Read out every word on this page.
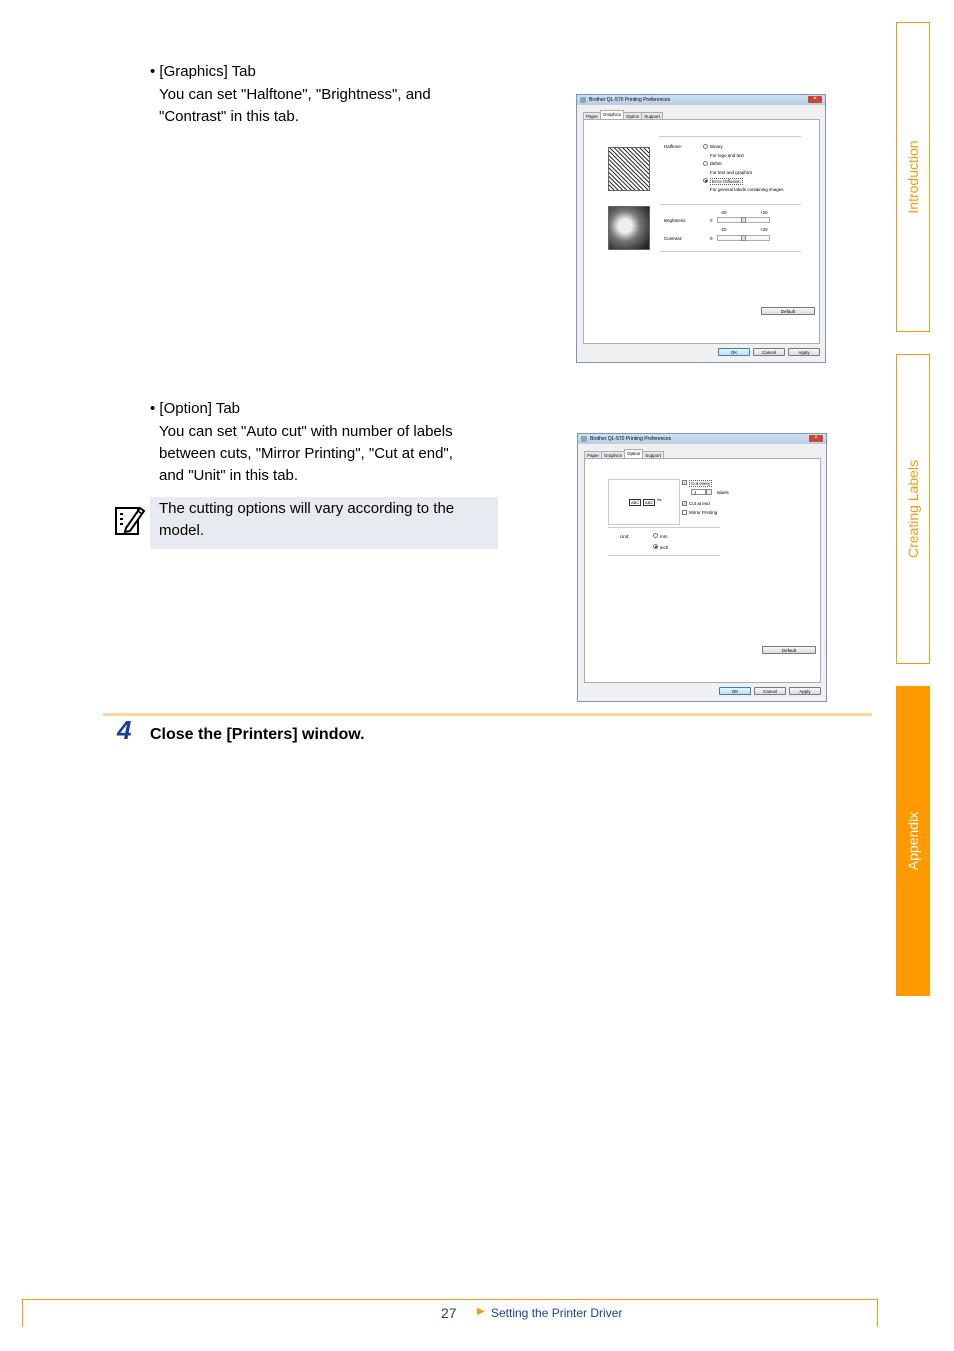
• [Graphics] Tab
You can set "Halftone", "Brightness", and
"Contrast" in this tab.
Brother QL-570 Printing Preferences	×
Paper Graphics Option Support
Halftone:	Binary
For logo and text
Dither
For text and graphics
Error Diffusion
For general labels containing images
-20	+20
Brightness:	0
-20	+20
Contrast:	0
Default
OK	Cancel	Apply
• [Option] Tab
You can set "Auto cut" with number of labels
between cuts, "Mirror Printing", "Cut at end",
and "Unit" in this tab.
The cutting options will vary according to the
model.
Brother QL-570 Printing Preferences	×
Paper Graphics Option Support
ABC	ABC ✂
✓	Cut every
1	labels
✓ Cut at end
Mirror Printing
Unit:	mm
inch
Default
OK	Cancel	Apply
4 Close the [Printers] window.
Introduction
Creating Labels
Appendix
27 ▶ Setting the Printer Driver
